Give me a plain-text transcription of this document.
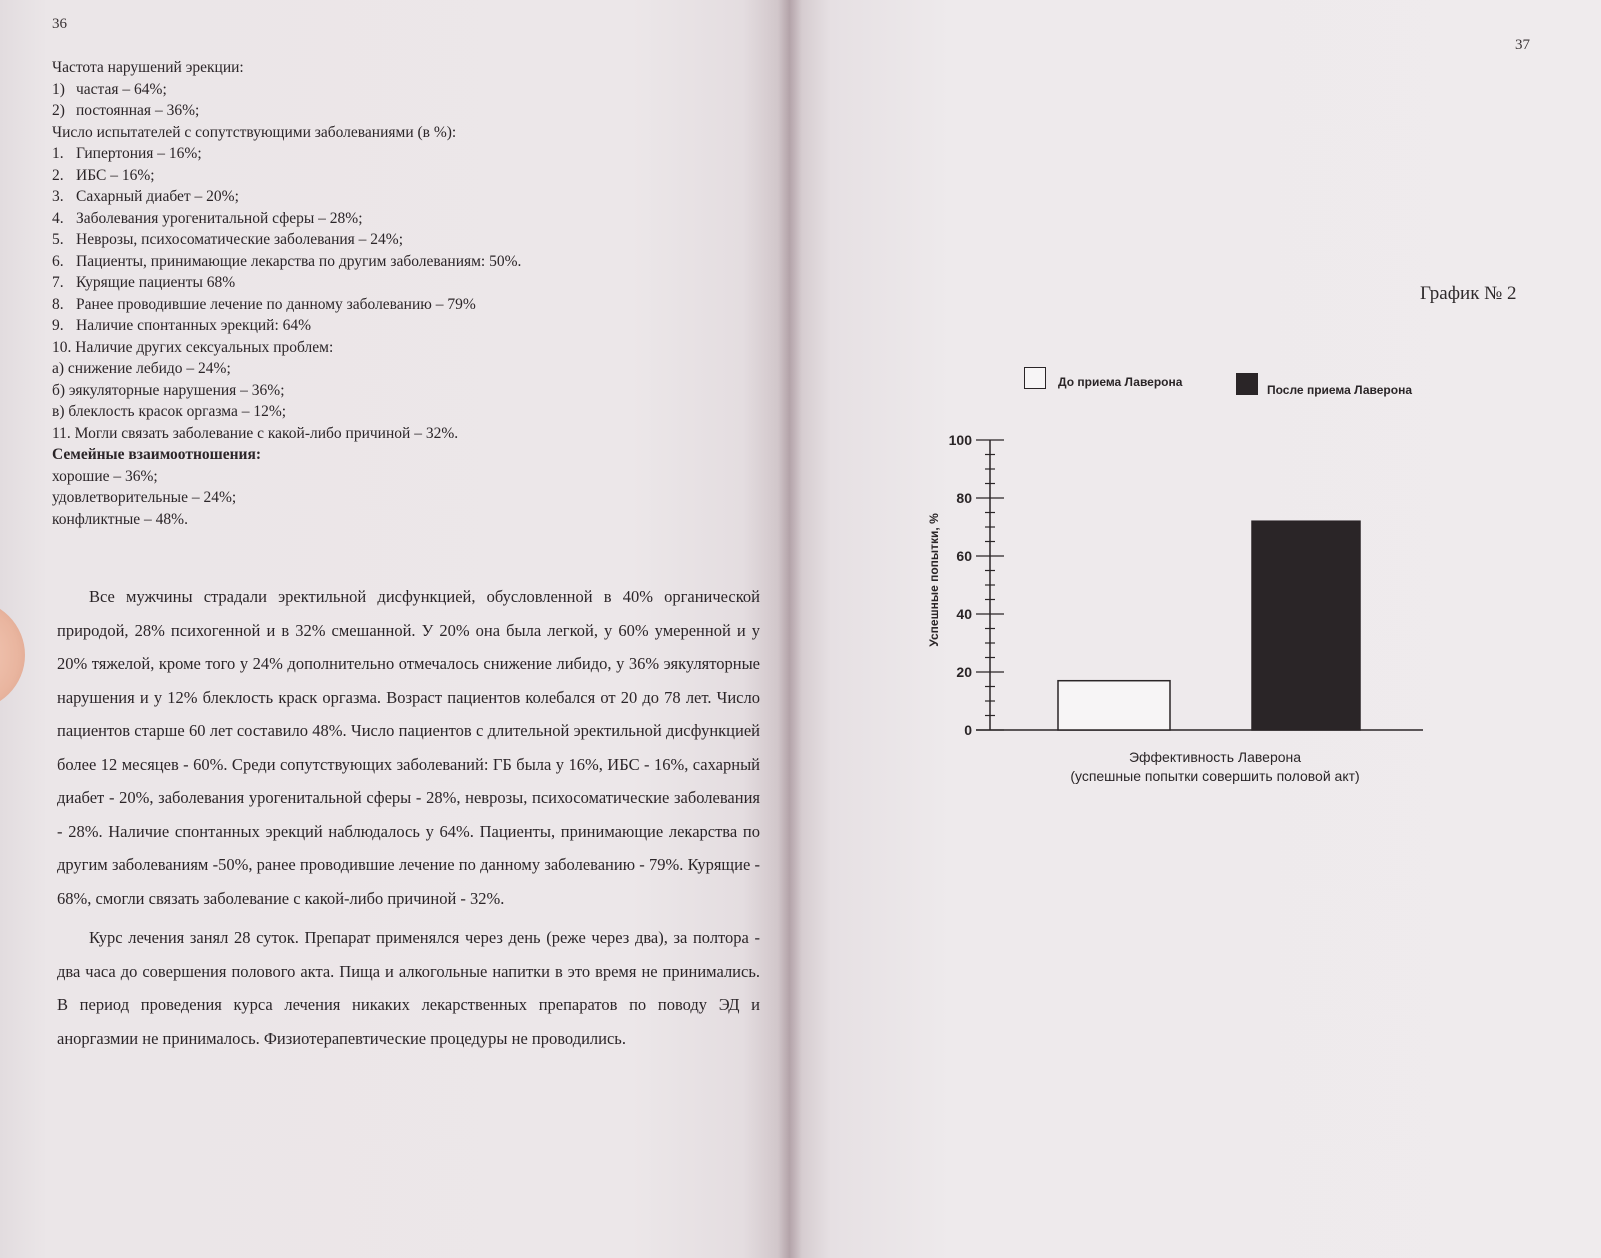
36
Частота нарушений эрекции:
1) частая – 64%;
2) постоянная – 36%;
Число испытателей с сопутствующими заболеваниями (в %):
1. Гипертония – 16%;
2. ИБС – 16%;
3. Сахарный диабет – 20%;
4. Заболевания урогенитальной сферы – 28%;
5. Неврозы, психосоматические заболевания – 24%;
6. Пациенты, принимающие лекарства по другим заболеваниям: 50%.
7. Курящие пациенты 68%
8. Ранее проводившие лечение по данному заболеванию – 79%
9. Наличие спонтанных эрекций: 64%
10. Наличие других сексуальных проблем:
а) снижение лебидо – 24%;
б) эякуляторные нарушения – 36%;
в) блеклость красок оргазма – 12%;
11. Могли связать заболевание с какой-либо причиной – 32%.
Семейные взаимоотношения:
хорошие – 36%;
удовлетворительные – 24%;
конфликтные – 48%.

Все мужчины страдали эректильной дисфункцией, обусловленной в 40% органической природой, 28% психогенной и в 32% смешанной. У 20% она была легкой, у 60% умеренной и у 20% тяжелой, кроме того у 24% дополнительно отмечалось снижение либидо, у 36% эякуляторные нарушения и у 12% блеклость краск оргазма. Возраст пациентов колебался от 20 до 78 лет. Число пациентов старше 60 лет составило 48%. Число пациентов с длительной эректильной дисфункцией более 12 месяцев - 60%. Среди сопутствующих заболеваний: ГБ была у 16%, ИБС - 16%, сахарный диабет - 20%, заболевания урогенитальной сферы - 28%, неврозы, психосоматические заболевания - 28%. Наличие спонтанных эрекций наблюдалось у 64%. Пациенты, принимающие лекарства по другим заболеваниям -50%, ранее проводившие лечение по данному заболеванию - 79%. Курящие - 68%, смогли связать заболевание с какой-либо причиной - 32%.

Курс лечения занял 28 суток. Препарат применялся через день (реже через два), за полтора - два часа до совершения полового акта. Пища и алкогольные напитки в это время не принимались. В период проведения курса лечения никаких лекарственных препаратов по поводу ЭД и аноргазмии не принималось. Физиотерапевтические процедуры не проводились.

37
График № 2
До приема Лаверона
После приема Лаверона
0
20
40
60
80
100
Успешные попытки, %
Эффективность Лаверона
(успешные попытки совершить половой акт)
